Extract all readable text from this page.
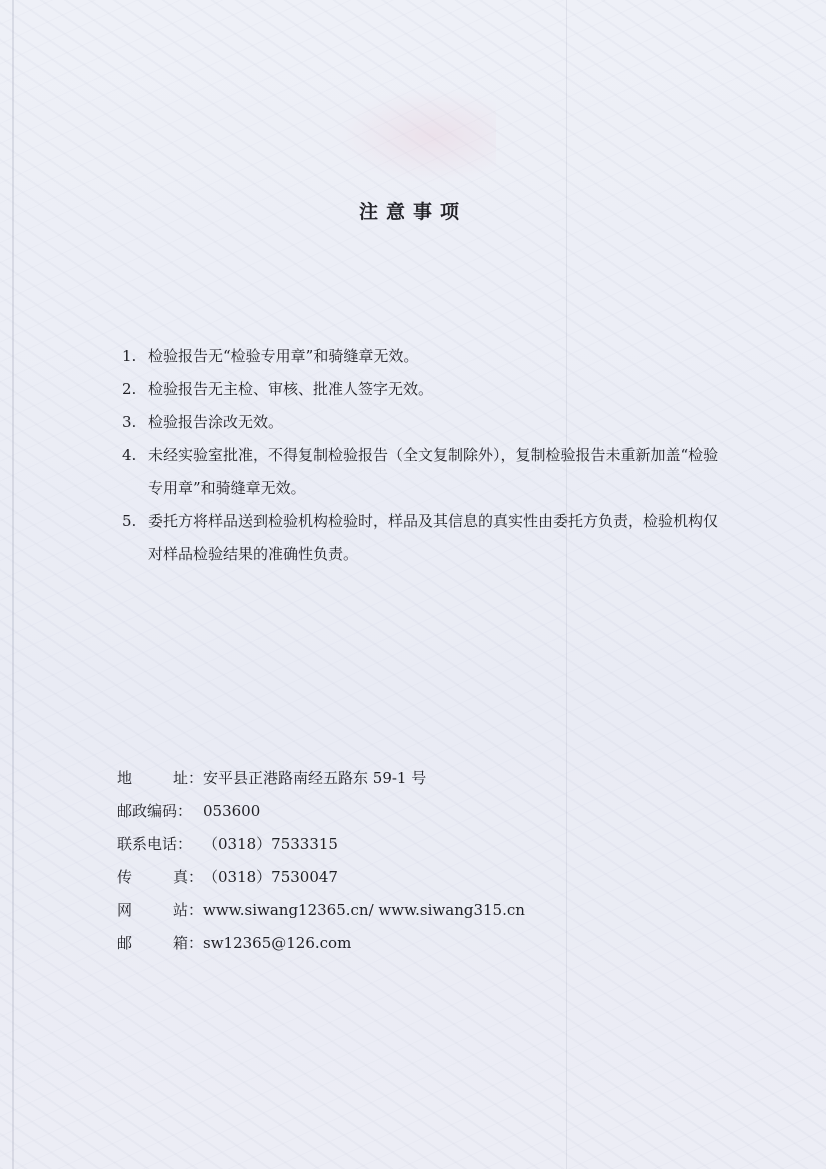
注意事项
1. 检验报告无“检验专用章”和骑缝章无效。
2. 检验报告无主检、审核、批准人签字无效。
3. 检验报告涂改无效。
4. 未经实验室批准，不得复制检验报告（全文复制除外），复制检验报告未重新加盖“检验专用章”和骑缝章无效。
5. 委托方将样品送到检验机构检验时，样品及其信息的真实性由委托方负责，检验机构仅对样品检验结果的准确性负责。
地	址： 安平县正港路南经五路东 59-1 号
邮政编码： 053600
联系电话： （0318）7533315
传	真： （0318）7530047
网	站： www.siwang12365.cn/ www.siwang315.cn
邮	箱： sw12365@126.com
